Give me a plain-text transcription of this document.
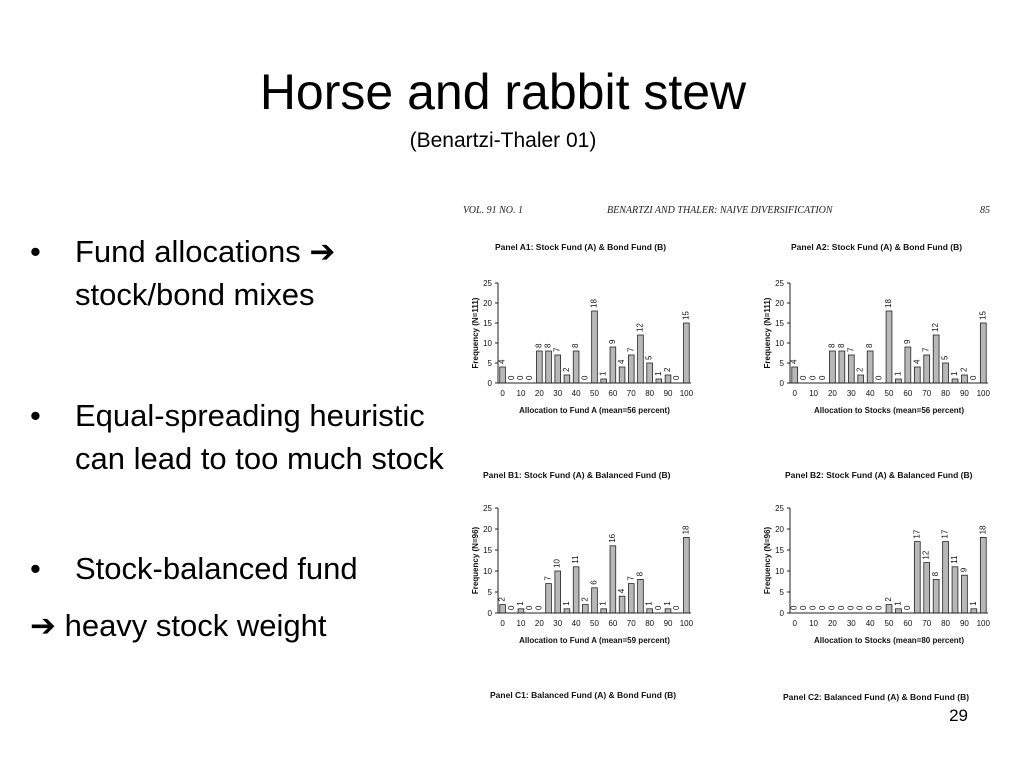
Horse and rabbit stew
(Benartzi-Thaler 01)
•	Fund allocations ➔ stock/bond mixes
•	Equal-spreading heuristic can lead to too much stock
•	Stock-balanced fund
➔ heavy stock weight
VOL. 91 NO. 1	BENARTZI AND THALER: NAIVE DIVERSIFICATION	85
Panel A1: Stock Fund (A) & Bond Fund (B)
0
5
10
15
20
25
Frequency (N=111) 4
0 0 0
8 8
7
2
8
0
18
1
9
4
7
12
5
1
2
0
15
0 10 20 30 40 50 60 70 80 90 100
Allocation to Fund A (mean=56 percent)
Panel A2: Stock Fund (A) & Bond Fund (B)
0
5
10
15
20
25
Frequency (N=111) 4
0 0 0
8 8
7
2
8
0
18
1
9
4
7
12
5
1
2
0
15
0 10 20 30 40 50 60 70 80 90 100
Allocation to Stocks (mean=56 percent)
Panel B1: Stock Fund (A) & Balanced Fund (B)
0
5
10
15
20
25
Frequency (N=96)
2
0
1
0 0
7
10
1
11
2
6
1
16
4
7
8
1
0
1
0
18
0 10 20 30 40 50 60 70 80 90 100
Allocation to Fund A (mean=59 percent)
Panel B2: Stock Fund (A) & Balanced Fund (B)
0
5
10
15
20
25
Frequency (N=96)
0 0 0 0 0 0 0 0 0 0
2
1
0
17
12
8
17
11
9
1
18
0 10 20 30 40 50 60 70 80 90 100
Allocation to Stocks (mean=80 percent)
Panel C1: Balanced Fund (A) & Bond Fund (B)	Panel C2: Balanced Fund (A) & Bond Fund (B)
29
